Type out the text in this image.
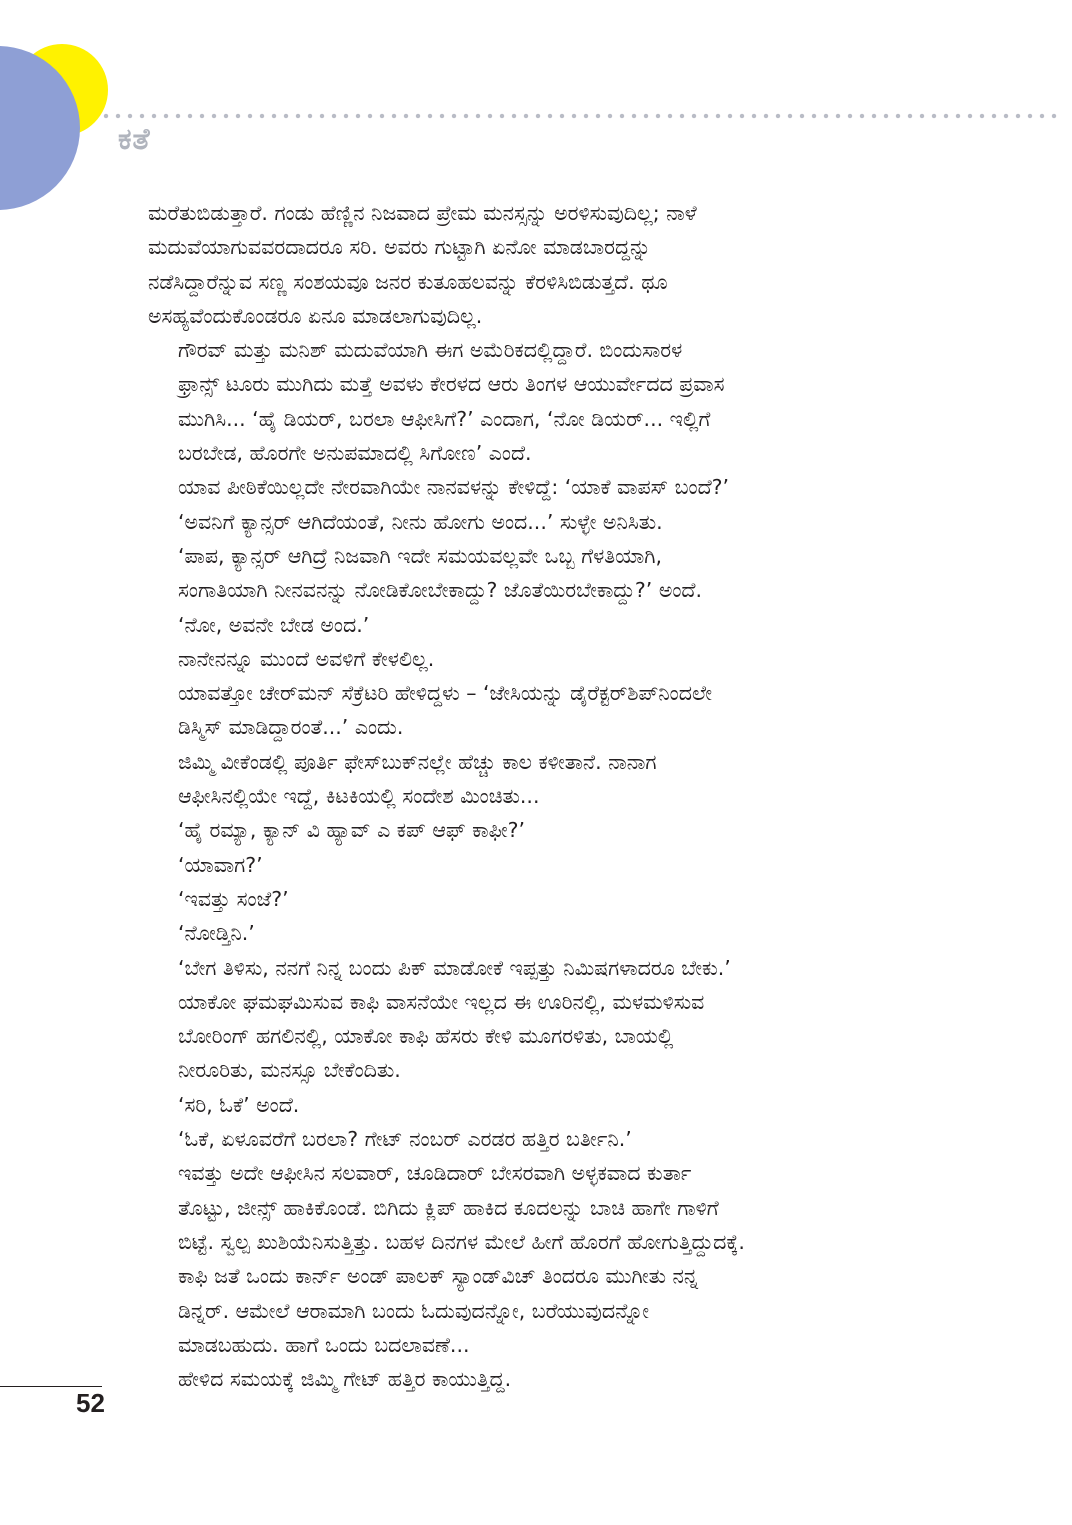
ಕತೆ

ಮರೆತುಬಿಡುತ್ತಾರೆ. ಗಂಡು ಹೆಣ್ಣಿನ ನಿಜವಾದ ಪ್ರೇಮ ಮನಸ್ಸನ್ನು ಅರಳಿಸುವುದಿಲ್ಲ; ನಾಳೆ
ಮದುವೆಯಾಗುವವರದಾದರೂ ಸರಿ. ಅವರು ಗುಟ್ಟಾಗಿ ಏನೋ ಮಾಡಬಾರದ್ದನ್ನು
ನಡೆಸಿದ್ದಾರೆನ್ನುವ ಸಣ್ಣ ಸಂಶಯವೂ ಜನರ ಕುತೂಹಲವನ್ನು ಕೆರಳಿಸಿಬಿಡುತ್ತದೆ. ಥೂ
ಅಸಹ್ಯವೆಂದುಕೊಂಡರೂ ಏನೂ ಮಾಡಲಾಗುವುದಿಲ್ಲ.

ಗೌರವ್ ಮತ್ತು ಮನಿಶ್ ಮದುವೆಯಾಗಿ ಈಗ ಅಮೆರಿಕದಲ್ಲಿದ್ದಾರೆ. ಬಿಂದುಸಾರಳ
ಫ್ರಾನ್ಸ್ ಟೂರು ಮುಗಿದು ಮತ್ತೆ ಅವಳು ಕೇರಳದ ಆರು ತಿಂಗಳ ಆಯುರ್ವೇದದ ಪ್ರವಾಸ
ಮುಗಿಸಿ... ‘ಹೈ ಡಿಯರ್, ಬರಲಾ ಆಫೀಸಿಗೆ?’ ಎಂದಾಗ, ‘ನೋ ಡಿಯರ್... ಇಲ್ಲಿಗೆ
ಬರಬೇಡ, ಹೊರಗೇ ಅನುಪಮಾದಲ್ಲಿ ಸಿಗೋಣ’ ಎಂದೆ.

ಯಾವ ಪೀಠಿಕೆಯಿಲ್ಲದೇ ನೇರವಾಗಿಯೇ ನಾನವಳನ್ನು ಕೇಳಿದ್ದೆ: ‘ಯಾಕೆ ವಾಪಸ್ ಬಂದೆ?’

‘ಅವನಿಗೆ ಕ್ಯಾನ್ಸರ್ ಆಗಿದೆಯಂತೆ, ನೀನು ಹೋಗು ಅಂದ...’ ಸುಳ್ಳೇ ಅನಿಸಿತು.

‘ಪಾಪ, ಕ್ಯಾನ್ಸರ್ ಆಗಿದ್ರೆ ನಿಜವಾಗಿ ಇದೇ ಸಮಯವಲ್ಲವೇ ಒಬ್ಬ ಗೆಳತಿಯಾಗಿ,
ಸಂಗಾತಿಯಾಗಿ ನೀನವನನ್ನು ನೋಡಿಕೋಬೇಕಾದ್ದು? ಜೊತೆಯಿರಬೇಕಾದ್ದು?’ ಅಂದೆ.

‘ನೋ, ಅವನೇ ಬೇಡ ಅಂದ.’

ನಾನೇನನ್ನೂ ಮುಂದೆ ಅವಳಿಗೆ ಕೇಳಲಿಲ್ಲ.

ಯಾವತ್ತೋ ಚೇರ್‌ಮನ್ ಸೆಕ್ರೆಟರಿ ಹೇಳಿದ್ದಳು – ‘ಜೇಸಿಯನ್ನು ಡೈರೆಕ್ಟರ್‌ಶಿಪ್‌ನಿಂದಲೇ
ಡಿಸ್ಮಿಸ್ ಮಾಡಿದ್ದಾರಂತೆ...’ ಎಂದು.

ಜಿಮ್ಮಿ ವೀಕೆಂಡಲ್ಲಿ ಪೂರ್ತಿ ಫೇಸ್‌ಬುಕ್‌ನಲ್ಲೇ ಹೆಚ್ಚು ಕಾಲ ಕಳೀತಾನೆ. ನಾನಾಗ
ಆಫೀಸಿನಲ್ಲಿಯೇ ಇದ್ದೆ, ಕಿಟಕಿಯಲ್ಲಿ ಸಂದೇಶ ಮಿಂಚಿತು...

‘ಹೈ ರಮ್ಯಾ, ಕ್ಯಾನ್ ವಿ ಹ್ಯಾವ್ ಎ ಕಪ್ ಆಫ್ ಕಾಫೀ?’

‘ಯಾವಾಗ?’

‘ಇವತ್ತು ಸಂಜೆ?’

‘ನೋಡ್ತಿನಿ.’

‘ಬೇಗ ತಿಳಿಸು, ನನಗೆ ನಿನ್ನ ಬಂದು ಪಿಕ್ ಮಾಡೋಕೆ ಇಪ್ಪತ್ತು ನಿಮಿಷಗಳಾದರೂ ಬೇಕು.’

ಯಾಕೋ ಘಮಘಮಿಸುವ ಕಾಫಿ ವಾಸನೆಯೇ ಇಲ್ಲದ ಈ ಊರಿನಲ್ಲಿ, ಮಳಮಳಿಸುವ
ಬೋರಿಂಗ್ ಹಗಲಿನಲ್ಲಿ, ಯಾಕೋ ಕಾಫಿ ಹೆಸರು ಕೇಳಿ ಮೂಗರಳಿತು, ಬಾಯಲ್ಲಿ
ನೀರೂರಿತು, ಮನಸ್ಸೂ ಬೇಕೆಂದಿತು.

‘ಸರಿ, ಓಕೆ’ ಅಂದೆ.

‘ಓಕೆ, ಏಳೂವರೆಗೆ ಬರಲಾ? ಗೇಟ್ ನಂಬರ್ ಎರಡರ ಹತ್ತಿರ ಬರ್ತೀನಿ.’

ಇವತ್ತು ಅದೇ ಆಫೀಸಿನ ಸಲವಾರ್, ಚೂಡಿದಾರ್ ಬೇಸರವಾಗಿ ಅಳ್ಳಕವಾದ ಕುರ್ತಾ
ತೊಟ್ಟು, ಜೀನ್ಸ್ ಹಾಕಿಕೊಂಡೆ. ಬಿಗಿದು ಕ್ಲಿಪ್ ಹಾಕಿದ ಕೂದಲನ್ನು ಬಾಚಿ ಹಾಗೇ ಗಾಳಿಗೆ
ಬಿಟ್ಟೆ. ಸ್ವಲ್ಪ ಖುಶಿಯೆನಿಸುತ್ತಿತ್ತು. ಬಹಳ ದಿನಗಳ ಮೇಲೆ ಹೀಗೆ ಹೊರಗೆ ಹೋಗುತ್ತಿದ್ದುದಕ್ಕೆ.

ಕಾಫಿ ಜತೆ ಒಂದು ಕಾರ್ನ್ ಅಂಡ್ ಪಾಲಕ್ ಸ್ಯಾಂಡ್‌ವಿಚ್ ತಿಂದರೂ ಮುಗೀತು ನನ್ನ
ಡಿನ್ನರ್. ಆಮೇಲೆ ಆರಾಮಾಗಿ ಬಂದು ಓದುವುದನ್ನೋ, ಬರೆಯುವುದನ್ನೋ
ಮಾಡಬಹುದು. ಹಾಗೆ ಒಂದು ಬದಲಾವಣೆ...

ಹೇಳಿದ ಸಮಯಕ್ಕೆ ಜಿಮ್ಮಿ ಗೇಟ್ ಹತ್ತಿರ ಕಾಯುತ್ತಿದ್ದ.

52
